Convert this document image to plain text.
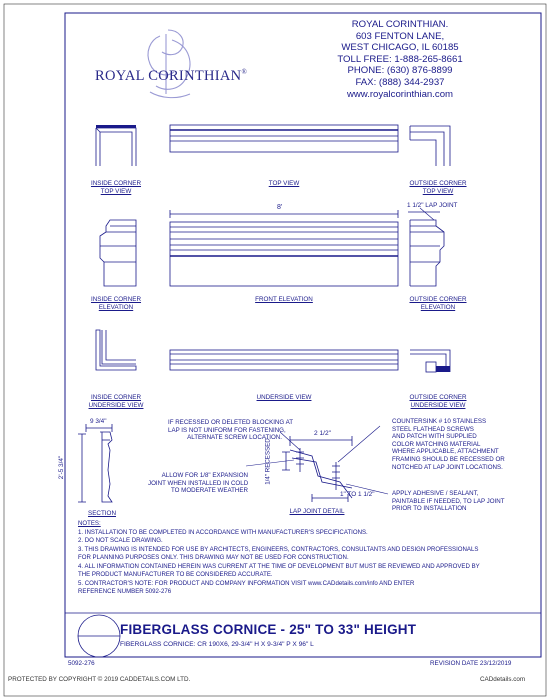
ROYAL CORINTHIAN®
ROYAL CORINTHIAN.
603 FENTON LANE,
WEST CHICAGO, IL 60185
TOLL FREE: 1-888-265-8661
PHONE: (630) 876-8899
FAX: (888) 344-2937
www.royalcorinthian.com
INSIDE CORNER
TOP VIEW
TOP VIEW	OUTSIDE CORNER
TOP VIEW
8'	1 1/2" LAP JOINT
INSIDE CORNER
ELEVATION
FRONT ELEVATION	OUTSIDE CORNER
ELEVATION
INSIDE CORNER
UNDERSIDE VIEW
UNDERSIDE VIEW	OUTSIDE CORNER
UNDERSIDE VIEW
9 3/4"
2'-5 3/4"
SECTION
2 1/2"
1/4" RECESSED
1" TO 1 1/2"
LAP JOINT DETAIL
IF RECESSED OR DELETED BLOCKING AT
LAP IS NOT UNIFORM FOR FASTENING,
ALTERNATE SCREW LOCATION.
ALLOW FOR 1/8" EXPANSION
JOINT WHEN INSTALLED IN COLD
TO MODERATE WEATHER
COUNTERSINK # 10 STAINLESS
STEEL FLATHEAD SCREWS
AND PATCH WITH SUPPLIED
COLOR MATCHING MATERIAL
WHERE APPLICABLE, ATTACHMENT
FRAMING SHOULD BE RECESSED OR
NOTCHED AT LAP JOINT LOCATIONS.
APPLY ADHESIVE / SEALANT,
PAINTABLE IF NEEDED, TO LAP JOINT
PRIOR TO INSTALLATION
NOTES:
1. INSTALLATION TO BE COMPLETED IN ACCORDANCE WITH MANUFACTURER'S SPECIFICATIONS.
2. DO NOT SCALE DRAWING.
3. THIS DRAWING IS INTENDED FOR USE BY ARCHITECTS, ENGINEERS, CONTRACTORS, CONSULTANTS AND DESIGN PROFESSIONALS
FOR PLANNING PURPOSES ONLY. THIS DRAWING MAY NOT BE USED FOR CONSTRUCTION.
4. ALL INFORMATION CONTAINED HEREIN WAS CURRENT AT THE TIME OF DEVELOPMENT BUT MUST BE REVIEWED AND APPROVED BY
THE PRODUCT MANUFACTURER TO BE CONSIDERED ACCURATE.
5. CONTRACTOR'S NOTE: FOR PRODUCT AND COMPANY INFORMATION VISIT www.CADdetails.com/info AND ENTER
REFERENCE NUMBER 5092-276
FIBERGLASS CORNICE - 25" TO 33" HEIGHT
FIBERGLASS CORNICE: CR 190X6, 29-3/4" H X 9-3/4" P X 96" L
5092-276	REVISION DATE 23/12/2019
PROTECTED BY COPYRIGHT © 2019 CADDETAILS.COM LTD.	CADdetails.com
